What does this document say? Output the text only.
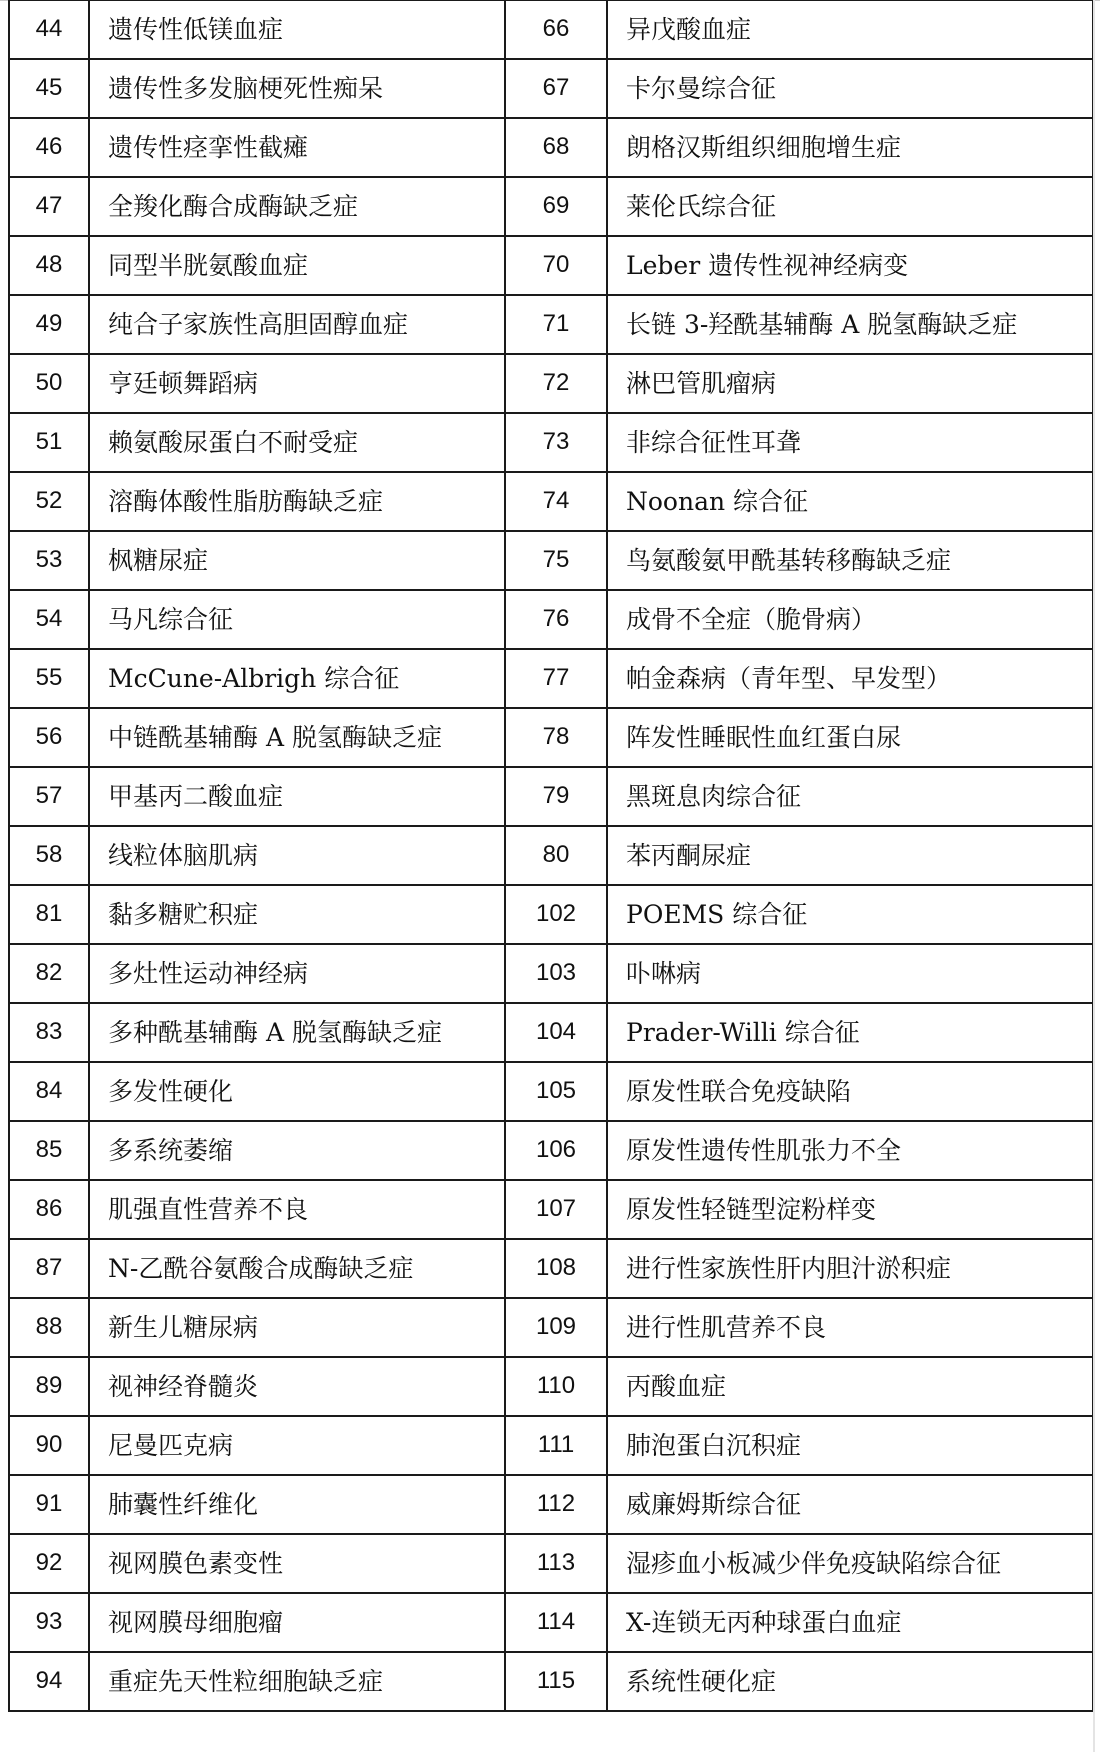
44	遗传性低镁血症	66	异戊酸血症
45	遗传性多发脑梗死性痴呆	67	卡尔曼综合征
46	遗传性痉挛性截瘫	68	朗格汉斯组织细胞增生症
47	全羧化酶合成酶缺乏症	69	莱伦氏综合征
48	同型半胱氨酸血症	70	Leber 遗传性视神经病变
49	纯合子家族性高胆固醇血症	71	长链 3-羟酰基辅酶 A 脱氢酶缺乏症
50	亨廷顿舞蹈病	72	淋巴管肌瘤病
51	赖氨酸尿蛋白不耐受症	73	非综合征性耳聋
52	溶酶体酸性脂肪酶缺乏症	74	Noonan 综合征
53	枫糖尿症	75	鸟氨酸氨甲酰基转移酶缺乏症
54	马凡综合征	76	成骨不全症（脆骨病）
55	McCune-Albrigh 综合征	77	帕金森病（青年型、早发型）
56	中链酰基辅酶 A 脱氢酶缺乏症	78	阵发性睡眠性血红蛋白尿
57	甲基丙二酸血症	79	黑斑息肉综合征
58	线粒体脑肌病	80	苯丙酮尿症
81	黏多糖贮积症	102	POEMS 综合征
82	多灶性运动神经病	103	卟啉病
83	多种酰基辅酶 A 脱氢酶缺乏症	104	Prader-Willi 综合征
84	多发性硬化	105	原发性联合免疫缺陷
85	多系统萎缩	106	原发性遗传性肌张力不全
86	肌强直性营养不良	107	原发性轻链型淀粉样变
87	N-乙酰谷氨酸合成酶缺乏症	108	进行性家族性肝内胆汁淤积症
88	新生儿糖尿病	109	进行性肌营养不良
89	视神经脊髓炎	110	丙酸血症
90	尼曼匹克病	111	肺泡蛋白沉积症
91	肺囊性纤维化	112	威廉姆斯综合征
92	视网膜色素变性	113	湿疹血小板减少伴免疫缺陷综合征
93	视网膜母细胞瘤	114	X-连锁无丙种球蛋白血症
94	重症先天性粒细胞缺乏症	115	系统性硬化症
